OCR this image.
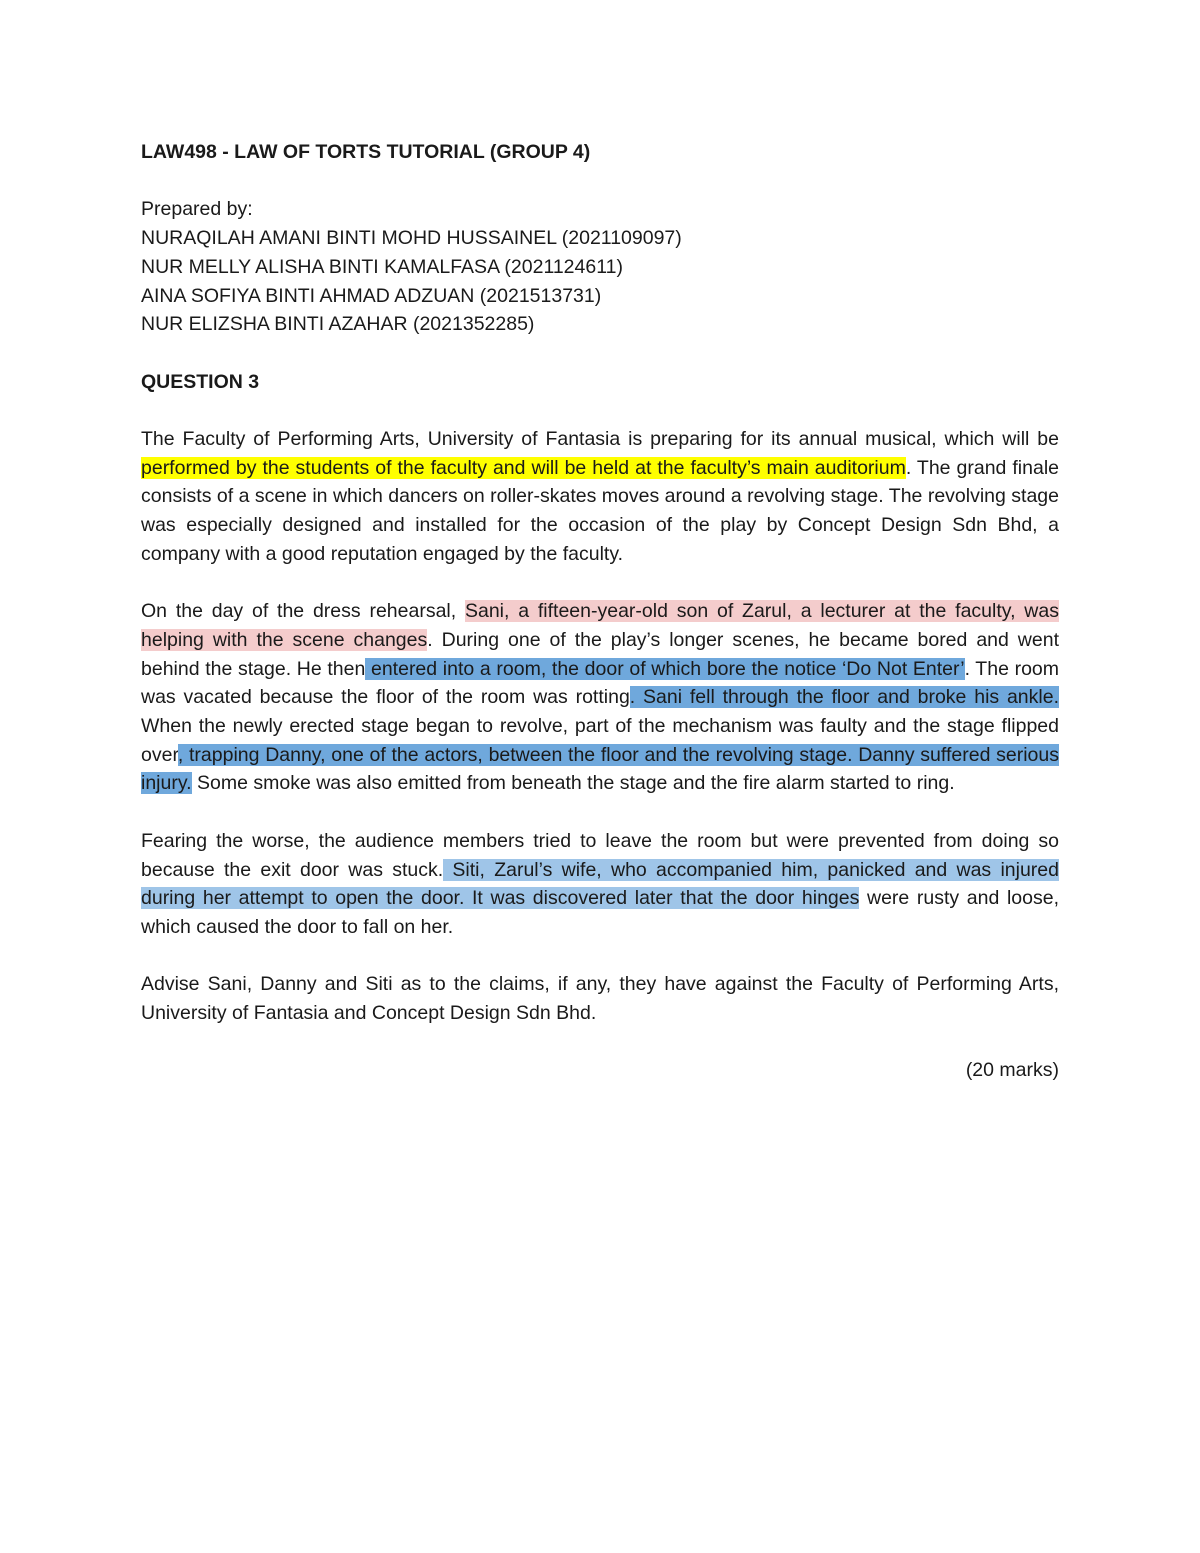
LAW498 - LAW OF TORTS TUTORIAL (GROUP 4)

Prepared by:

NURAQILAH AMANI BINTI MOHD HUSSAINEL (2021109097)

NUR MELLY ALISHA BINTI KAMALFASA (2021124611)

AINA SOFIYA BINTI AHMAD ADZUAN (2021513731)

NUR ELIZSHA BINTI AZAHAR (2021352285)

QUESTION 3

The Faculty of Performing Arts, University of Fantasia is preparing for its annual musical, which will be performed by the students of the faculty and will be held at the faculty’s main auditorium. The grand finale consists of a scene in which dancers on roller-skates moves around a revolving stage. The revolving stage was especially designed and installed for the occasion of the play by Concept Design Sdn Bhd, a company with a good reputation engaged by the faculty.

On the day of the dress rehearsal, Sani, a fifteen-year-old son of Zarul, a lecturer at the faculty, was helping with the scene changes. During one of the play’s longer scenes, he became bored and went behind the stage. He then entered into a room, the door of which bore the notice ‘Do Not Enter’. The room was vacated because the floor of the room was rotting. Sani fell through the floor and broke his ankle. When the newly erected stage began to revolve, part of the mechanism was faulty and the stage flipped over, trapping Danny, one of the actors, between the floor and the revolving stage. Danny suffered serious injury. Some smoke was also emitted from beneath the stage and the fire alarm started to ring.

Fearing the worse, the audience members tried to leave the room but were prevented from doing so because the exit door was stuck. Siti, Zarul’s wife, who accompanied him, panicked and was injured during her attempt to open the door. It was discovered later that the door hinges were rusty and loose, which caused the door to fall on her.

Advise Sani, Danny and Siti as to the claims, if any, they have against the Faculty of Performing Arts, University of Fantasia and Concept Design Sdn Bhd.

(20 marks)
